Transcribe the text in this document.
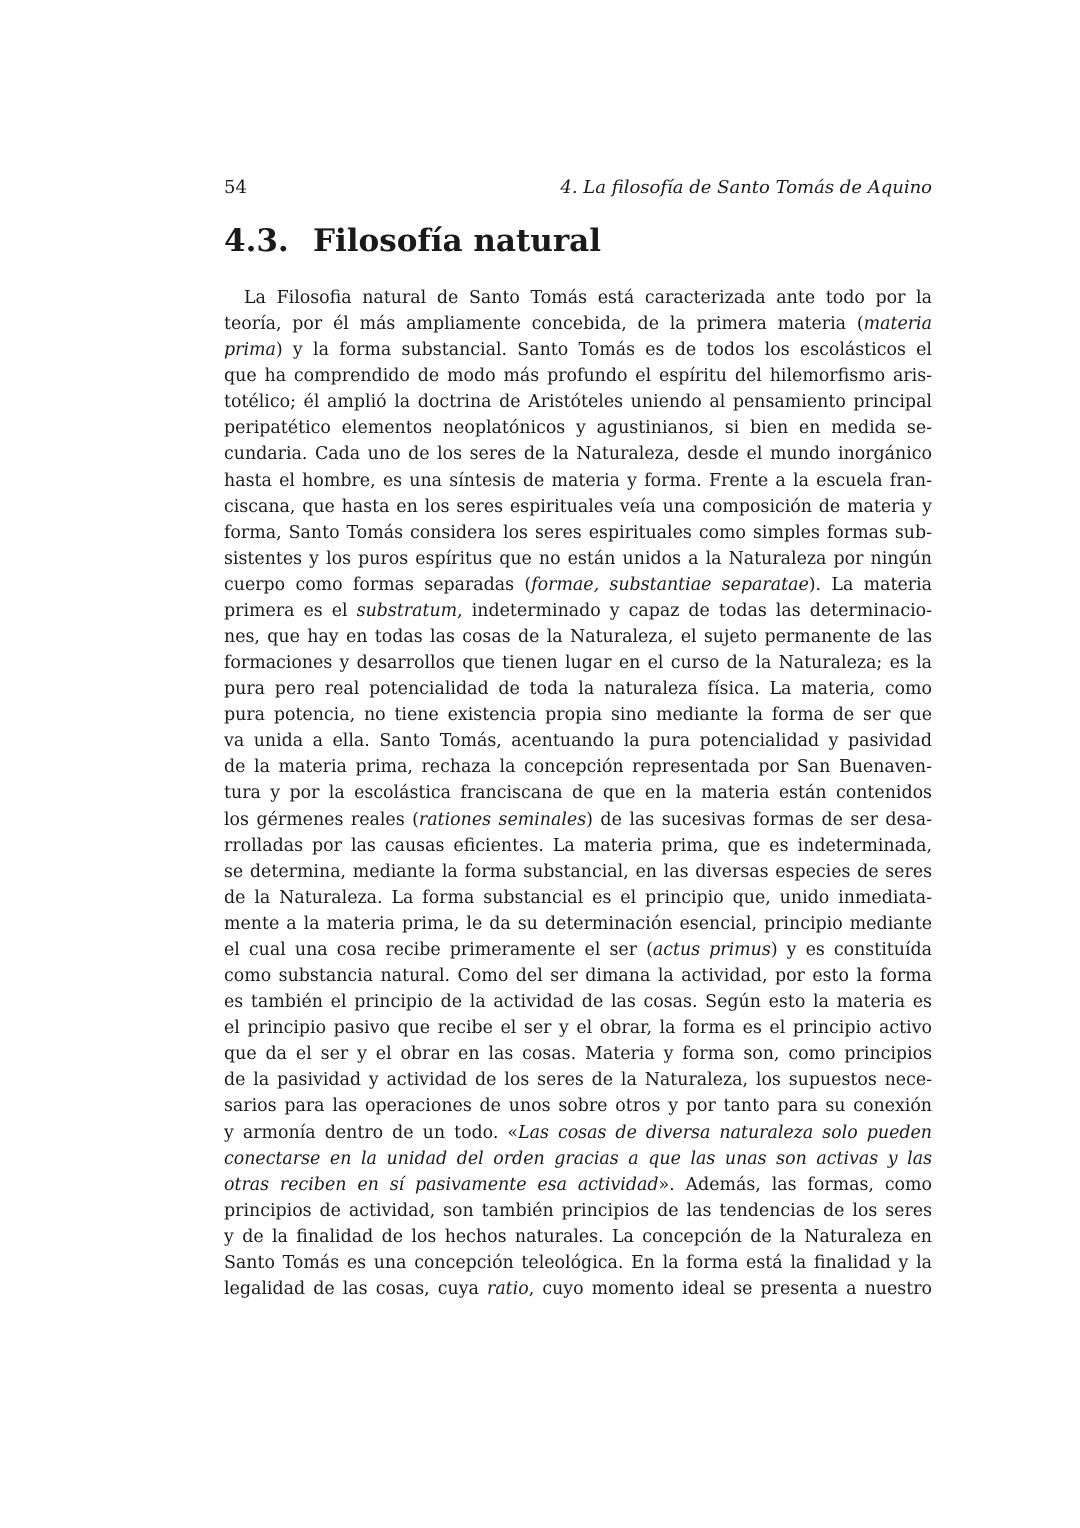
54	4. La filosofía de Santo Tomás de Aquino
4.3. Filosofía natural
La Filosofia natural de Santo Tomás está caracterizada ante todo por la
teoría, por él más ampliamente concebida, de la primera materia (materia
prima) y la forma substancial. Santo Tomás es de todos los escolásticos el
que ha comprendido de modo más profundo el espíritu del hilemorfismo aris-
totélico; él amplió la doctrina de Aristóteles uniendo al pensamiento principal
peripatético elementos neoplatónicos y agustinianos, si bien en medida se-
cundaria. Cada uno de los seres de la Naturaleza, desde el mundo inorgánico
hasta el hombre, es una síntesis de materia y forma. Frente a la escuela fran-
ciscana, que hasta en los seres espirituales veía una composición de materia y
forma, Santo Tomás considera los seres espirituales como simples formas sub-
sistentes y los puros espíritus que no están unidos a la Naturaleza por ningún
cuerpo como formas separadas (formae, substantiae separatae). La materia
primera es el substratum, indeterminado y capaz de todas las determinacio-
nes, que hay en todas las cosas de la Naturaleza, el sujeto permanente de las
formaciones y desarrollos que tienen lugar en el curso de la Naturaleza; es la
pura pero real potencialidad de toda la naturaleza física. La materia, como
pura potencia, no tiene existencia propia sino mediante la forma de ser que
va unida a ella. Santo Tomás, acentuando la pura potencialidad y pasividad
de la materia prima, rechaza la concepción representada por San Buenaven-
tura y por la escolástica franciscana de que en la materia están contenidos
los gérmenes reales (rationes seminales) de las sucesivas formas de ser desa-
rrolladas por las causas eficientes. La materia prima, que es indeterminada,
se determina, mediante la forma substancial, en las diversas especies de seres
de la Naturaleza. La forma substancial es el principio que, unido inmediata-
mente a la materia prima, le da su determinación esencial, principio mediante
el cual una cosa recibe primeramente el ser (actus primus) y es constituída
como substancia natural. Como del ser dimana la actividad, por esto la forma
es también el principio de la actividad de las cosas. Según esto la materia es
el principio pasivo que recibe el ser y el obrar, la forma es el principio activo
que da el ser y el obrar en las cosas. Materia y forma son, como principios
de la pasividad y actividad de los seres de la Naturaleza, los supuestos nece-
sarios para las operaciones de unos sobre otros y por tanto para su conexión
y armonía dentro de un todo. «Las cosas de diversa naturaleza solo pueden
conectarse en la unidad del orden gracias a que las unas son activas y las
otras reciben en sí pasivamente esa actividad». Además, las formas, como
principios de actividad, son también principios de las tendencias de los seres
y de la finalidad de los hechos naturales. La concepción de la Naturaleza en
Santo Tomás es una concepción teleológica. En la forma está la finalidad y la
legalidad de las cosas, cuya ratio, cuyo momento ideal se presenta a nuestro
